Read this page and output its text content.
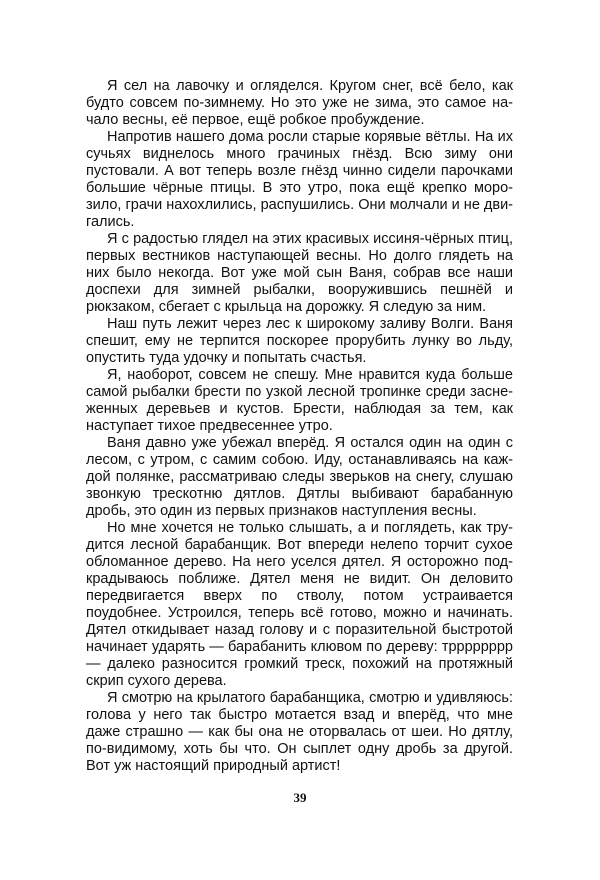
Я сел на лавочку и огляделся. Кругом снег, всё бело, как будто совсем по-зимнему. Но это уже не зима, это самое начало весны, её первое, ещё робкое пробуждение.

Напротив нашего дома росли старые корявые вётлы. На их сучьях виднелось много грачиных гнёзд. Всю зиму они пустовали. А вот теперь возле гнёзд чинно сидели парочками большие чёрные птицы. В это утро, пока ещё крепко морозило, грачи нахохлились, распушились. Они молчали и не двигались.

Я с радостью глядел на этих красивых иссиня-чёрных птиц, первых вестников наступающей весны. Но долго глядеть на них было некогда. Вот уже мой сын Ваня, собрав все наши доспехи для зимней рыбалки, вооружившись пешнёй и рюкзаком, сбегает с крыльца на дорожку. Я следую за ним.

Наш путь лежит через лес к широкому заливу Волги. Ваня спешит, ему не терпится поскорее прорубить лунку во льду, опустить туда удочку и попытать счастья.

Я, наоборот, совсем не спешу. Мне нравится куда больше самой рыбалки брести по узкой лесной тропинке среди заснеженных деревьев и кустов. Брести, наблюдая за тем, как наступает тихое предвесеннее утро.

Ваня давно уже убежал вперёд. Я остался один на один с лесом, с утром, с самим собою. Иду, останавливаясь на каждой полянке, рассматриваю следы зверьков на снегу, слушаю звонкую трескотню дятлов. Дятлы выбивают барабанную дробь, это один из первых признаков наступления весны.

Но мне хочется не только слышать, а и поглядеть, как трудится лесной барабанщик. Вот впереди нелепо торчит сухое обломанное дерево. На него уселся дятел. Я осторожно подкрадываюсь поближе. Дятел меня не видит. Он деловито передвигается вверх по стволу, потом устраивается поудобнее. Устроился, теперь всё готово, можно и начинать. Дятел откидывает назад голову и с поразительной быстротой начинает ударять — барабанить клювом по дереву: трррррррр — далеко разносится громкий треск, похожий на протяжный скрип сухого дерева.

Я смотрю на крылатого барабанщика, смотрю и удивляюсь: голова у него так быстро мотается взад и вперёд, что мне даже страшно — как бы она не оторвалась от шеи. Но дятлу, по-видимому, хоть бы что. Он сыплет одну дробь за другой. Вот уж настоящий природный артист!

39
